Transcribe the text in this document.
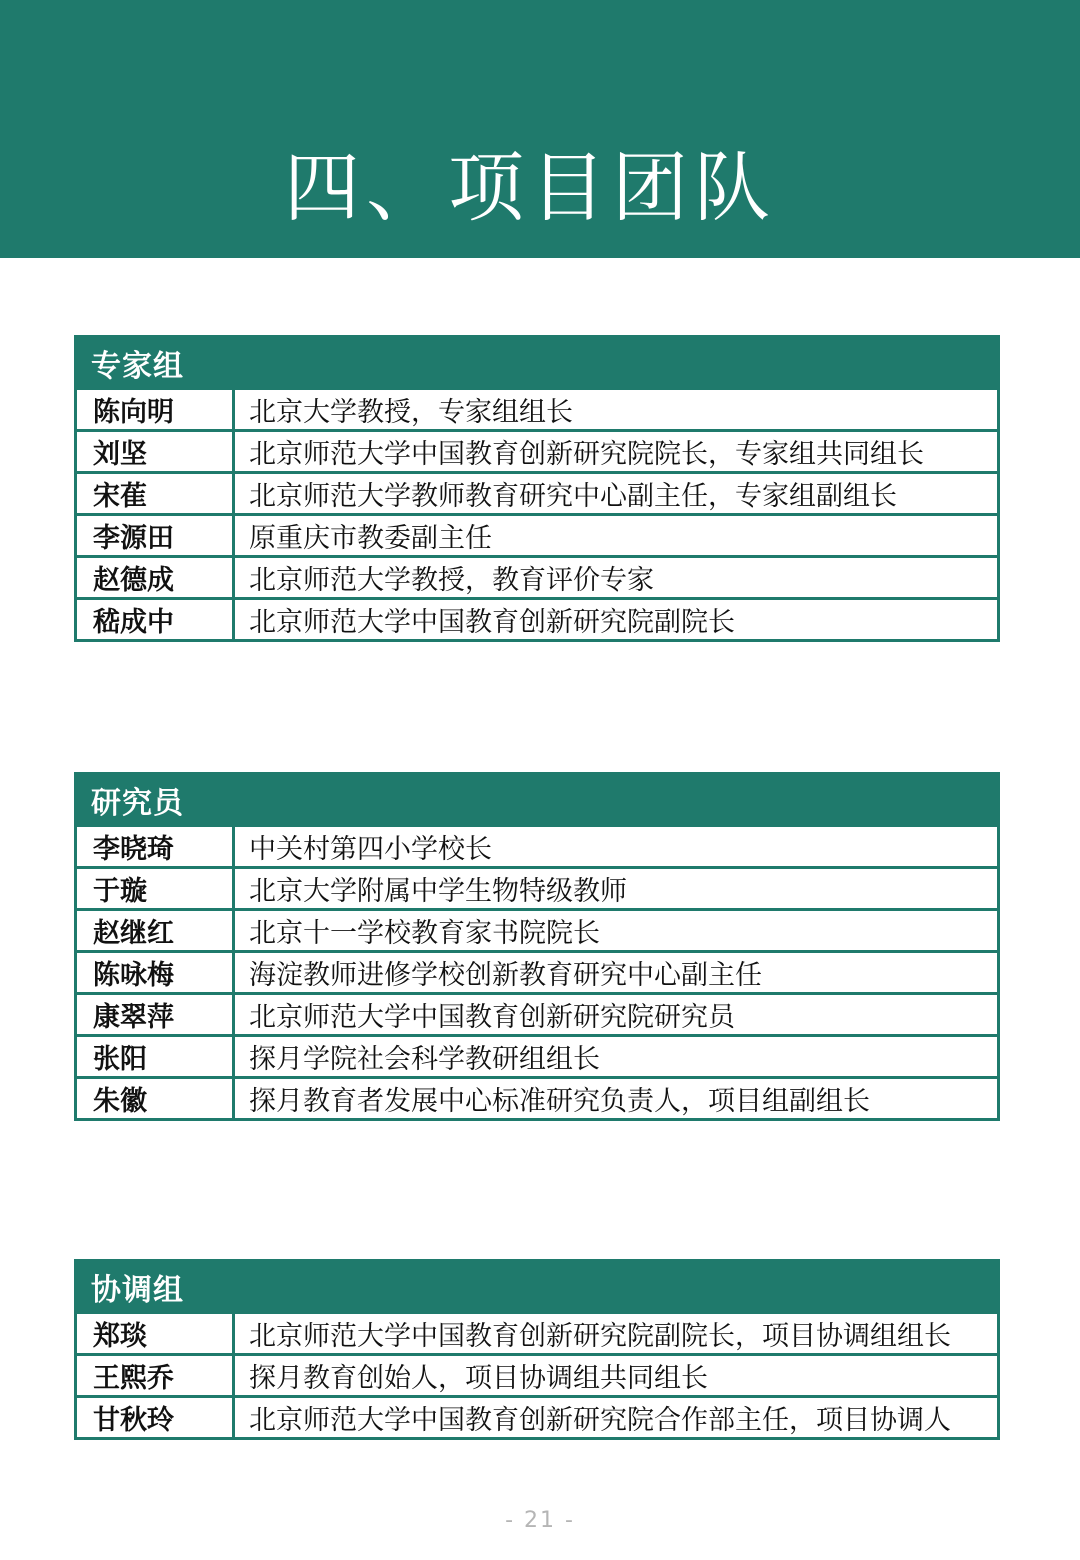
四、项目团队
专家组	
陈向明	北京大学教授，专家组组长
刘坚	北京师范大学中国教育创新研究院院长，专家组共同组长
宋萑	北京师范大学教师教育研究中心副主任，专家组副组长
李源田	原重庆市教委副主任
赵德成	北京师范大学教授，教育评价专家
嵇成中	北京师范大学中国教育创新研究院副院长
研究员	
李晓琦	中关村第四小学校长
于璇	北京大学附属中学生物特级教师
赵继红	北京十一学校教育家书院院长
陈咏梅	海淀教师进修学校创新教育研究中心副主任
康翠萍	北京师范大学中国教育创新研究院研究员
张阳	探月学院社会科学教研组组长
朱徽	探月教育者发展中心标准研究负责人，项目组副组长
协调组	
郑琰	北京师范大学中国教育创新研究院副院长，项目协调组组长
王熙乔	探月教育创始人，项目协调组共同组长
甘秋玲	北京师范大学中国教育创新研究院合作部主任，项目协调人
- 21 -
